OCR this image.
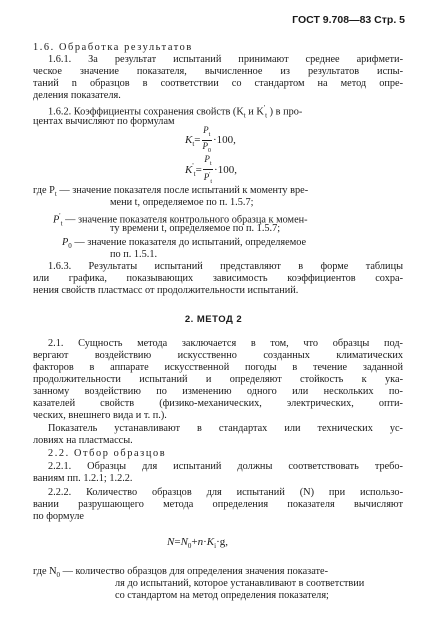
ГОСТ 9.708—83 Стр. 5
1.6. Обработка результатов
1.6.1. За результат испытаний принимают среднее арифмети-
ческое значение показателя, вычисленное из результатов испы-
таний n образцов в соответствии со стандартом на метод опре-
деления показателя.
1.6.2. Коэффициенты сохранения свойств ($K_t$ и $K'_t$ ) в про-
центах вычисляют по формулам
$K_t= \frac{P_t}{P_0} \cdot 100$,
$K'_t= \frac{P_t}{P'_t} \cdot 100$,
где $P_t$ — значение показателя после испытаний к моменту вре-
мени t, определяемое по п. 1.5.7;
$P'_t$ — значение показателя контрольного образца к момен-
ту времени t, определяемое по п. 1.5.7;
$P_0$ — значение показателя до испытаний, определяемое
по п. 1.5.1.
1.6.3. Результаты испытаний представляют в форме таблицы
или графика, показывающих зависимость коэффициентов сохра-
нения свойств пластмасс от продолжительности испытаний.
2. МЕТОД 2
2.1. Сущность метода заключается в том, что образцы под-
вергают воздействию искусственно созданных климатических
факторов в аппарате искусственной погоды в течение заданной
продолжительности испытаний и определяют стойкость к ука-
занному воздействию по изменению одного или нескольких по-
казателей свойств (физико-механических, электрических, опти-
ческих, внешнего вида и т. п.).
Показатель устанавливают в стандартах или технических ус-
ловиях на пластмассы.
2.2. Отбор образцов
2.2.1. Образцы для испытаний должны соответствовать требо-
ваниям пп. 1.2.1; 1.2.2.
2.2.2. Количество образцов для испытаний (N) при использо-
вании разрушающего метода определения показателя вычисляют
по формуле
$N=N_0+n\cdot K_i\cdot g$,
где $N_0$ — количество образцов для определения значения показате-
ля до испытаний, которое устанавливают в соответствии
со стандартом на метод определения показателя;
